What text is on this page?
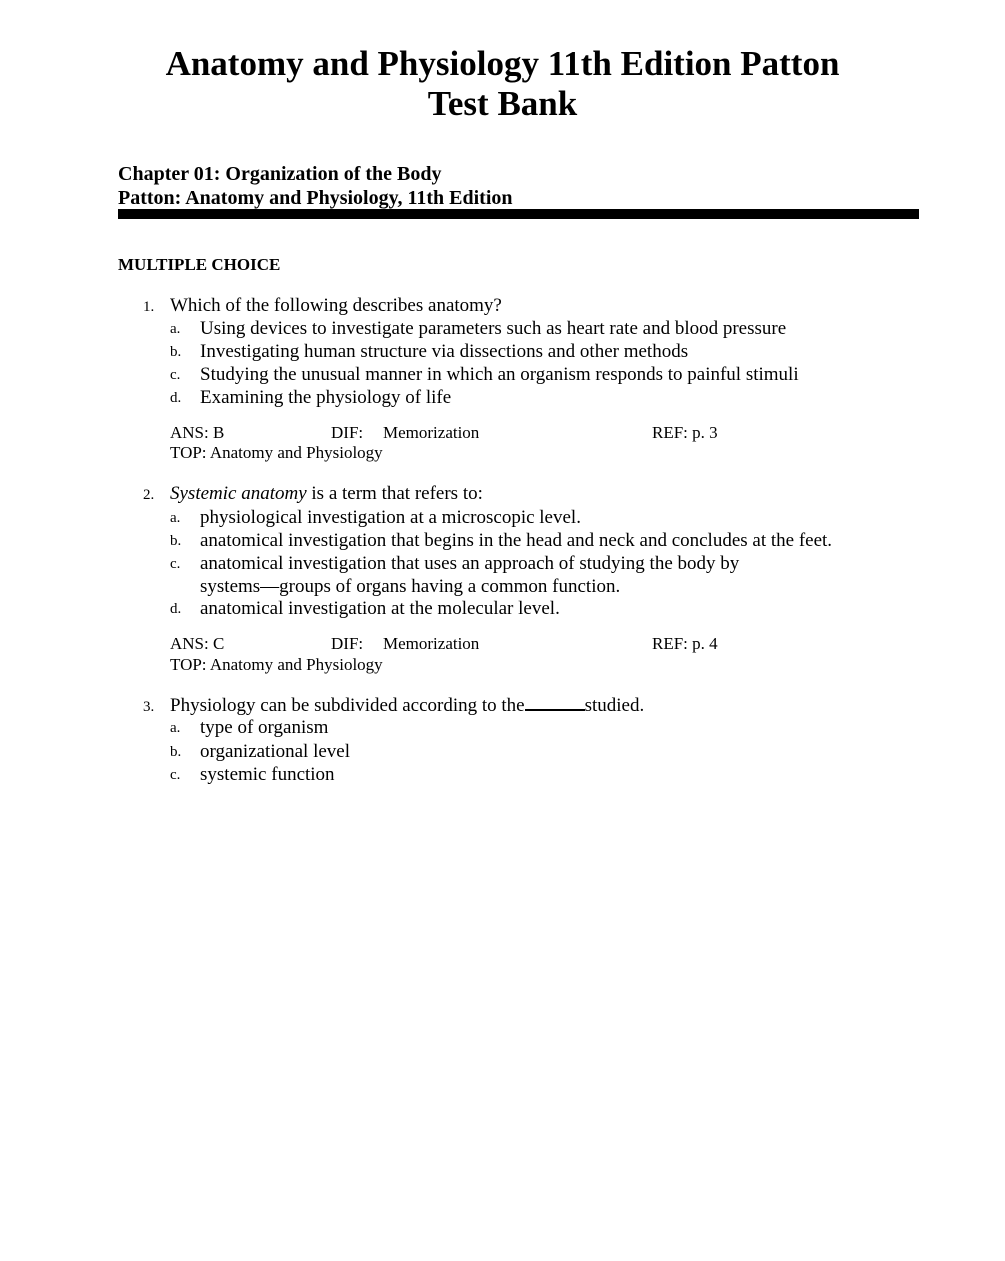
Anatomy and Physiology 11th Edition Patton
Test Bank
Chapter 01: Organization of the Body
Patton: Anatomy and Physiology, 11th Edition
MULTIPLE CHOICE
1. Which of the following describes anatomy?
a. Using devices to investigate parameters such as heart rate and blood pressure
b. Investigating human structure via dissections and other methods
c. Studying the unusual manner in which an organism responds to painful stimuli
d. Examining the physiology of life
ANS: B	DIF: Memorization	REF: p. 3
TOP: Anatomy and Physiology
2. Systemic anatomy is a term that refers to:
a. physiological investigation at a microscopic level.
b. anatomical investigation that begins in the head and neck and concludes at the feet.
c. anatomical investigation that uses an approach of studying the body by
systems—groups of organs having a common function.
d. anatomical investigation at the molecular level.
ANS: C	DIF: Memorization	REF: p. 4
TOP: Anatomy and Physiology
3. Physiology can be subdivided according to the	studied.
a. type of organism
b. organizational level
c. systemic function
